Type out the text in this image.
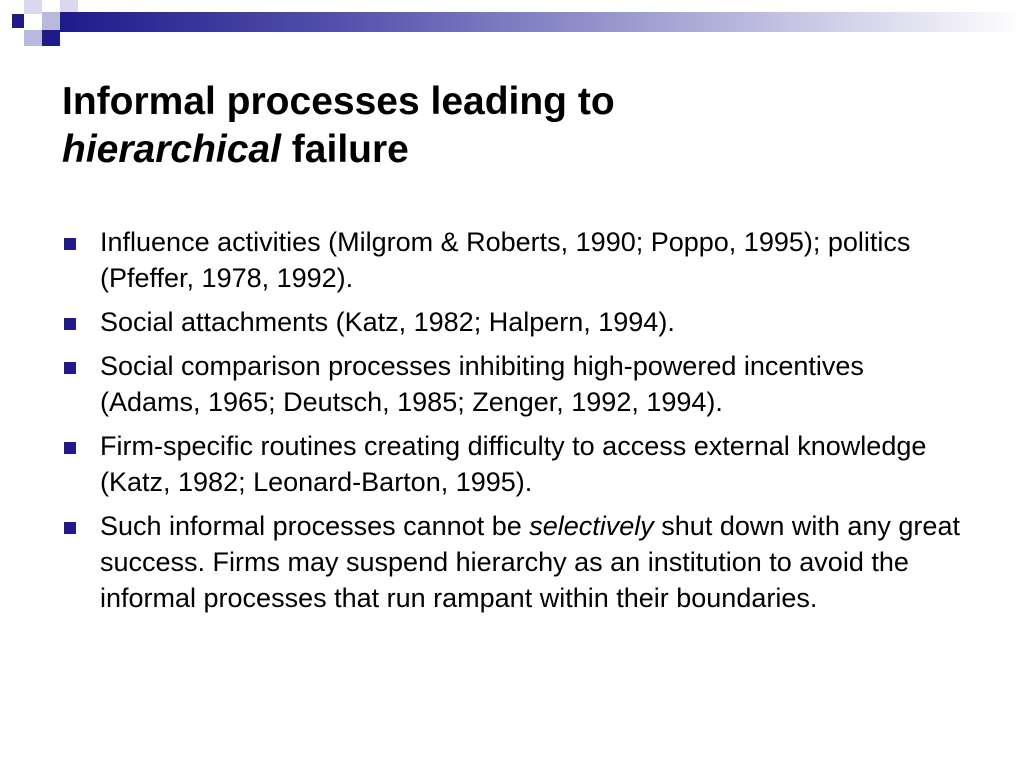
Informal processes leading to
hierarchical failure
Influence activities (Milgrom & Roberts, 1990; Poppo, 1995); politics (Pfeffer, 1978, 1992).
Social attachments (Katz, 1982; Halpern, 1994).
Social comparison processes inhibiting high-powered incentives (Adams, 1965; Deutsch, 1985; Zenger, 1992, 1994).
Firm-specific routines creating difficulty to access external knowledge (Katz, 1982; Leonard-Barton, 1995).
Such informal processes cannot be selectively shut down with any great success. Firms may suspend hierarchy as an institution to avoid the informal processes that run rampant within their boundaries.
